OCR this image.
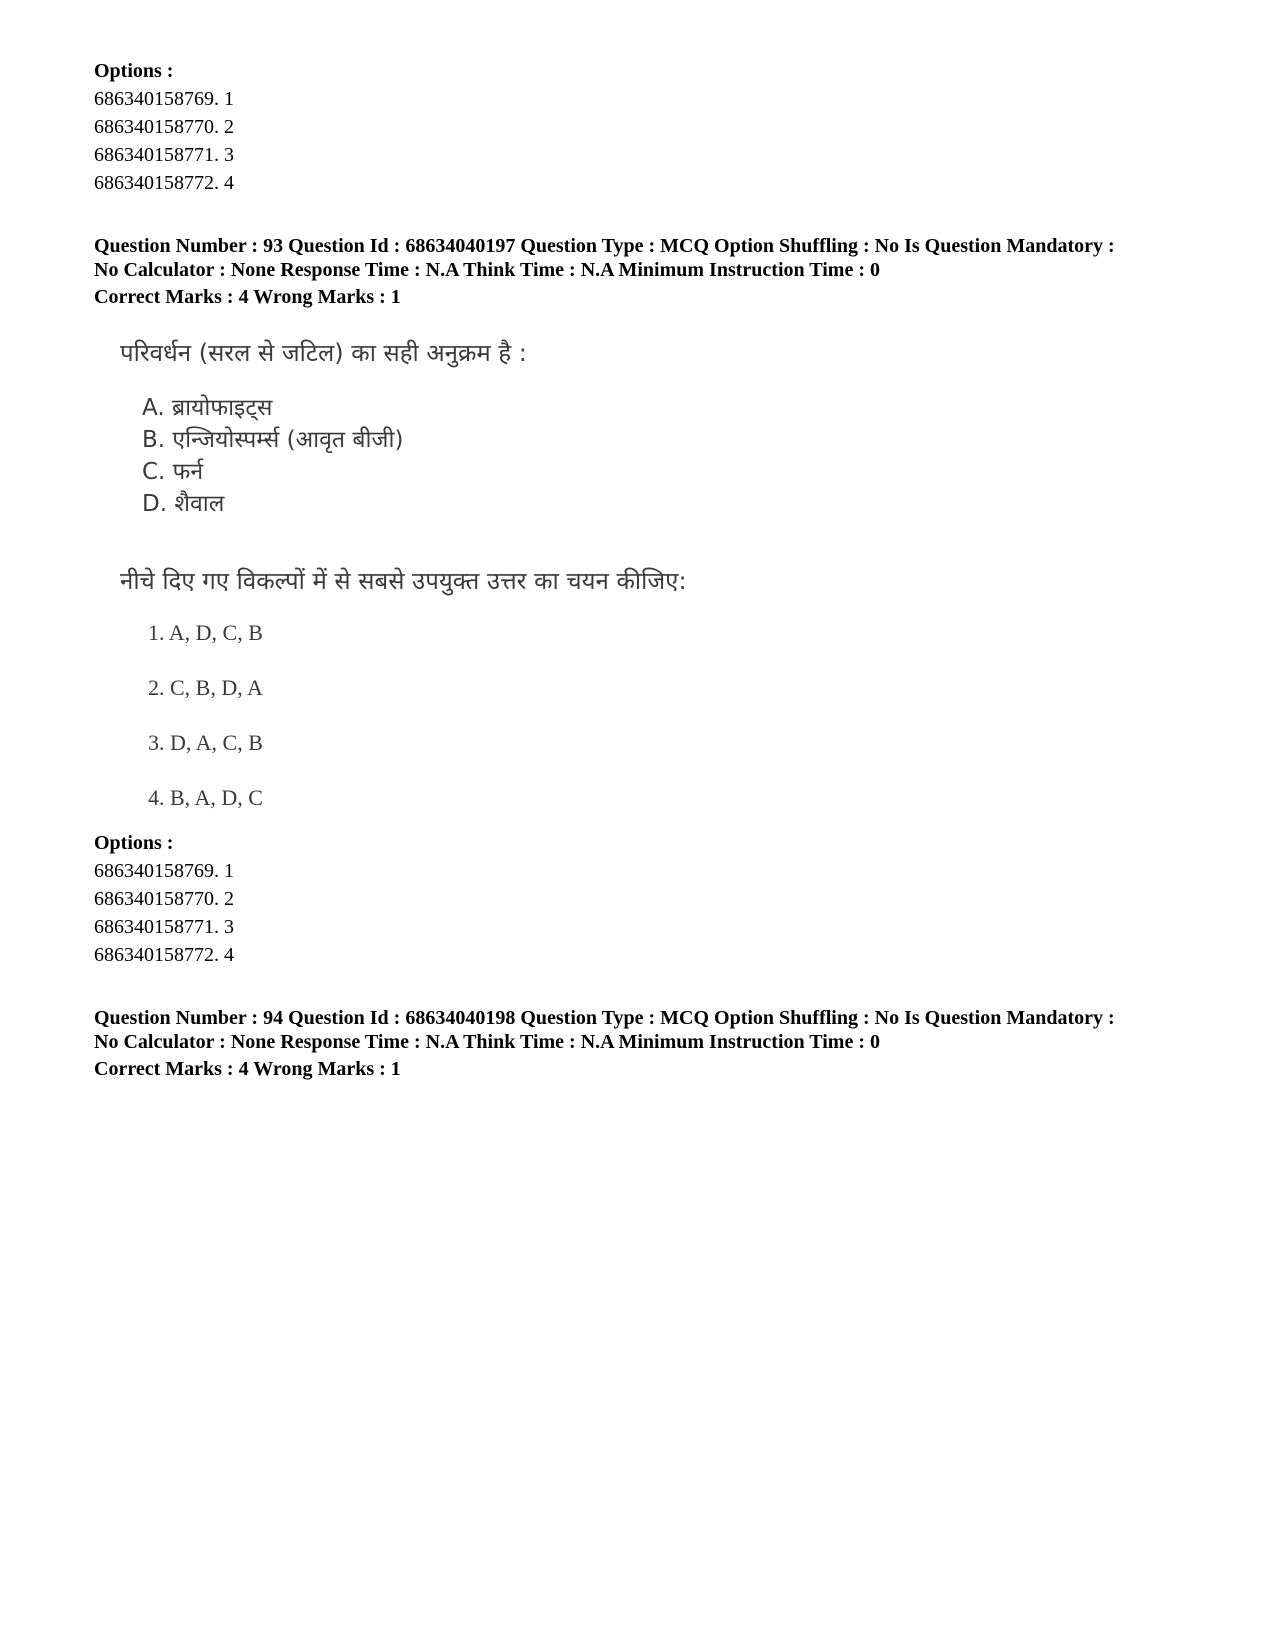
Options :
686340158769. 1
686340158770. 2
686340158771. 3
686340158772. 4
Question Number : 93 Question Id : 68634040197 Question Type : MCQ Option Shuffling : No Is Question Mandatory :
No Calculator : None Response Time : N.A Think Time : N.A Minimum Instruction Time : 0
Correct Marks : 4 Wrong Marks : 1
परिवर्धन (सरल से जटिल) का सही अनुक्रम है :
A. ब्रायोफाइट्स
B. एन्जियोस्पर्म्स (आवृत बीजी)
C. फर्न
D. शैवाल
नीचे दिए गए विकल्पों में से सबसे उपयुक्त उत्तर का चयन कीजिए:
1. A, D, C, B
2. C, B, D, A
3. D, A, C, B
4. B, A, D, C
Options :
686340158769. 1
686340158770. 2
686340158771. 3
686340158772. 4
Question Number : 94 Question Id : 68634040198 Question Type : MCQ Option Shuffling : No Is Question Mandatory :
No Calculator : None Response Time : N.A Think Time : N.A Minimum Instruction Time : 0
Correct Marks : 4 Wrong Marks : 1
